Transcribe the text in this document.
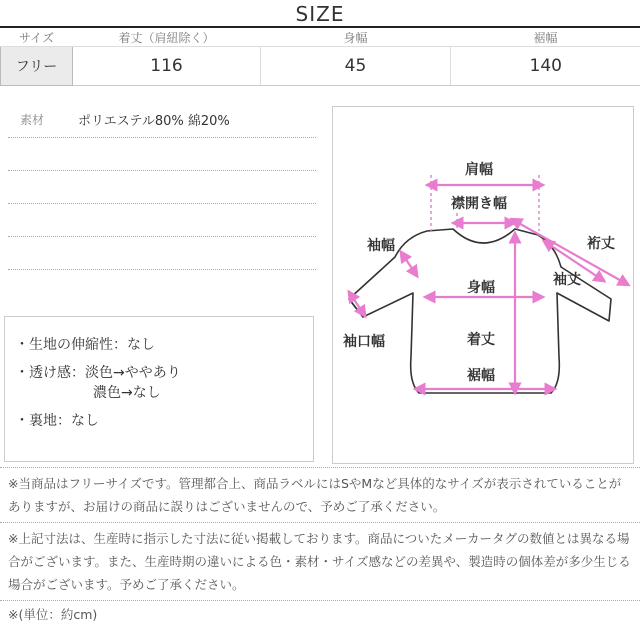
SIZE
サイズ	着丈（肩紐除く）	身幅	裾幅
フリー	116	45	140
素材	ポリエステル80% 綿20%
・生地の伸縮性：なし
・透け感：淡色→ややあり
濃色→なし
・裏地：なし
肩幅
襟開き幅
袖幅	裄丈
袖丈
身幅
袖口幅	着丈
裾幅
※当商品はフリーサイズです。管理都合上、商品ラベルにはSやMなど具体的なサイズが表示されていることがありますが、お届けの商品に誤りはございませんので、予めご了承ください。
※上記寸法は、生産時に指示した寸法に従い掲載しております。商品についたメーカータグの数値とは異なる場合がございます。また、生産時期の違いによる色・素材・サイズ感などの差異や、製造時の個体差が多少生じる場合がございます。予めご了承ください。
※(単位：約cm)
